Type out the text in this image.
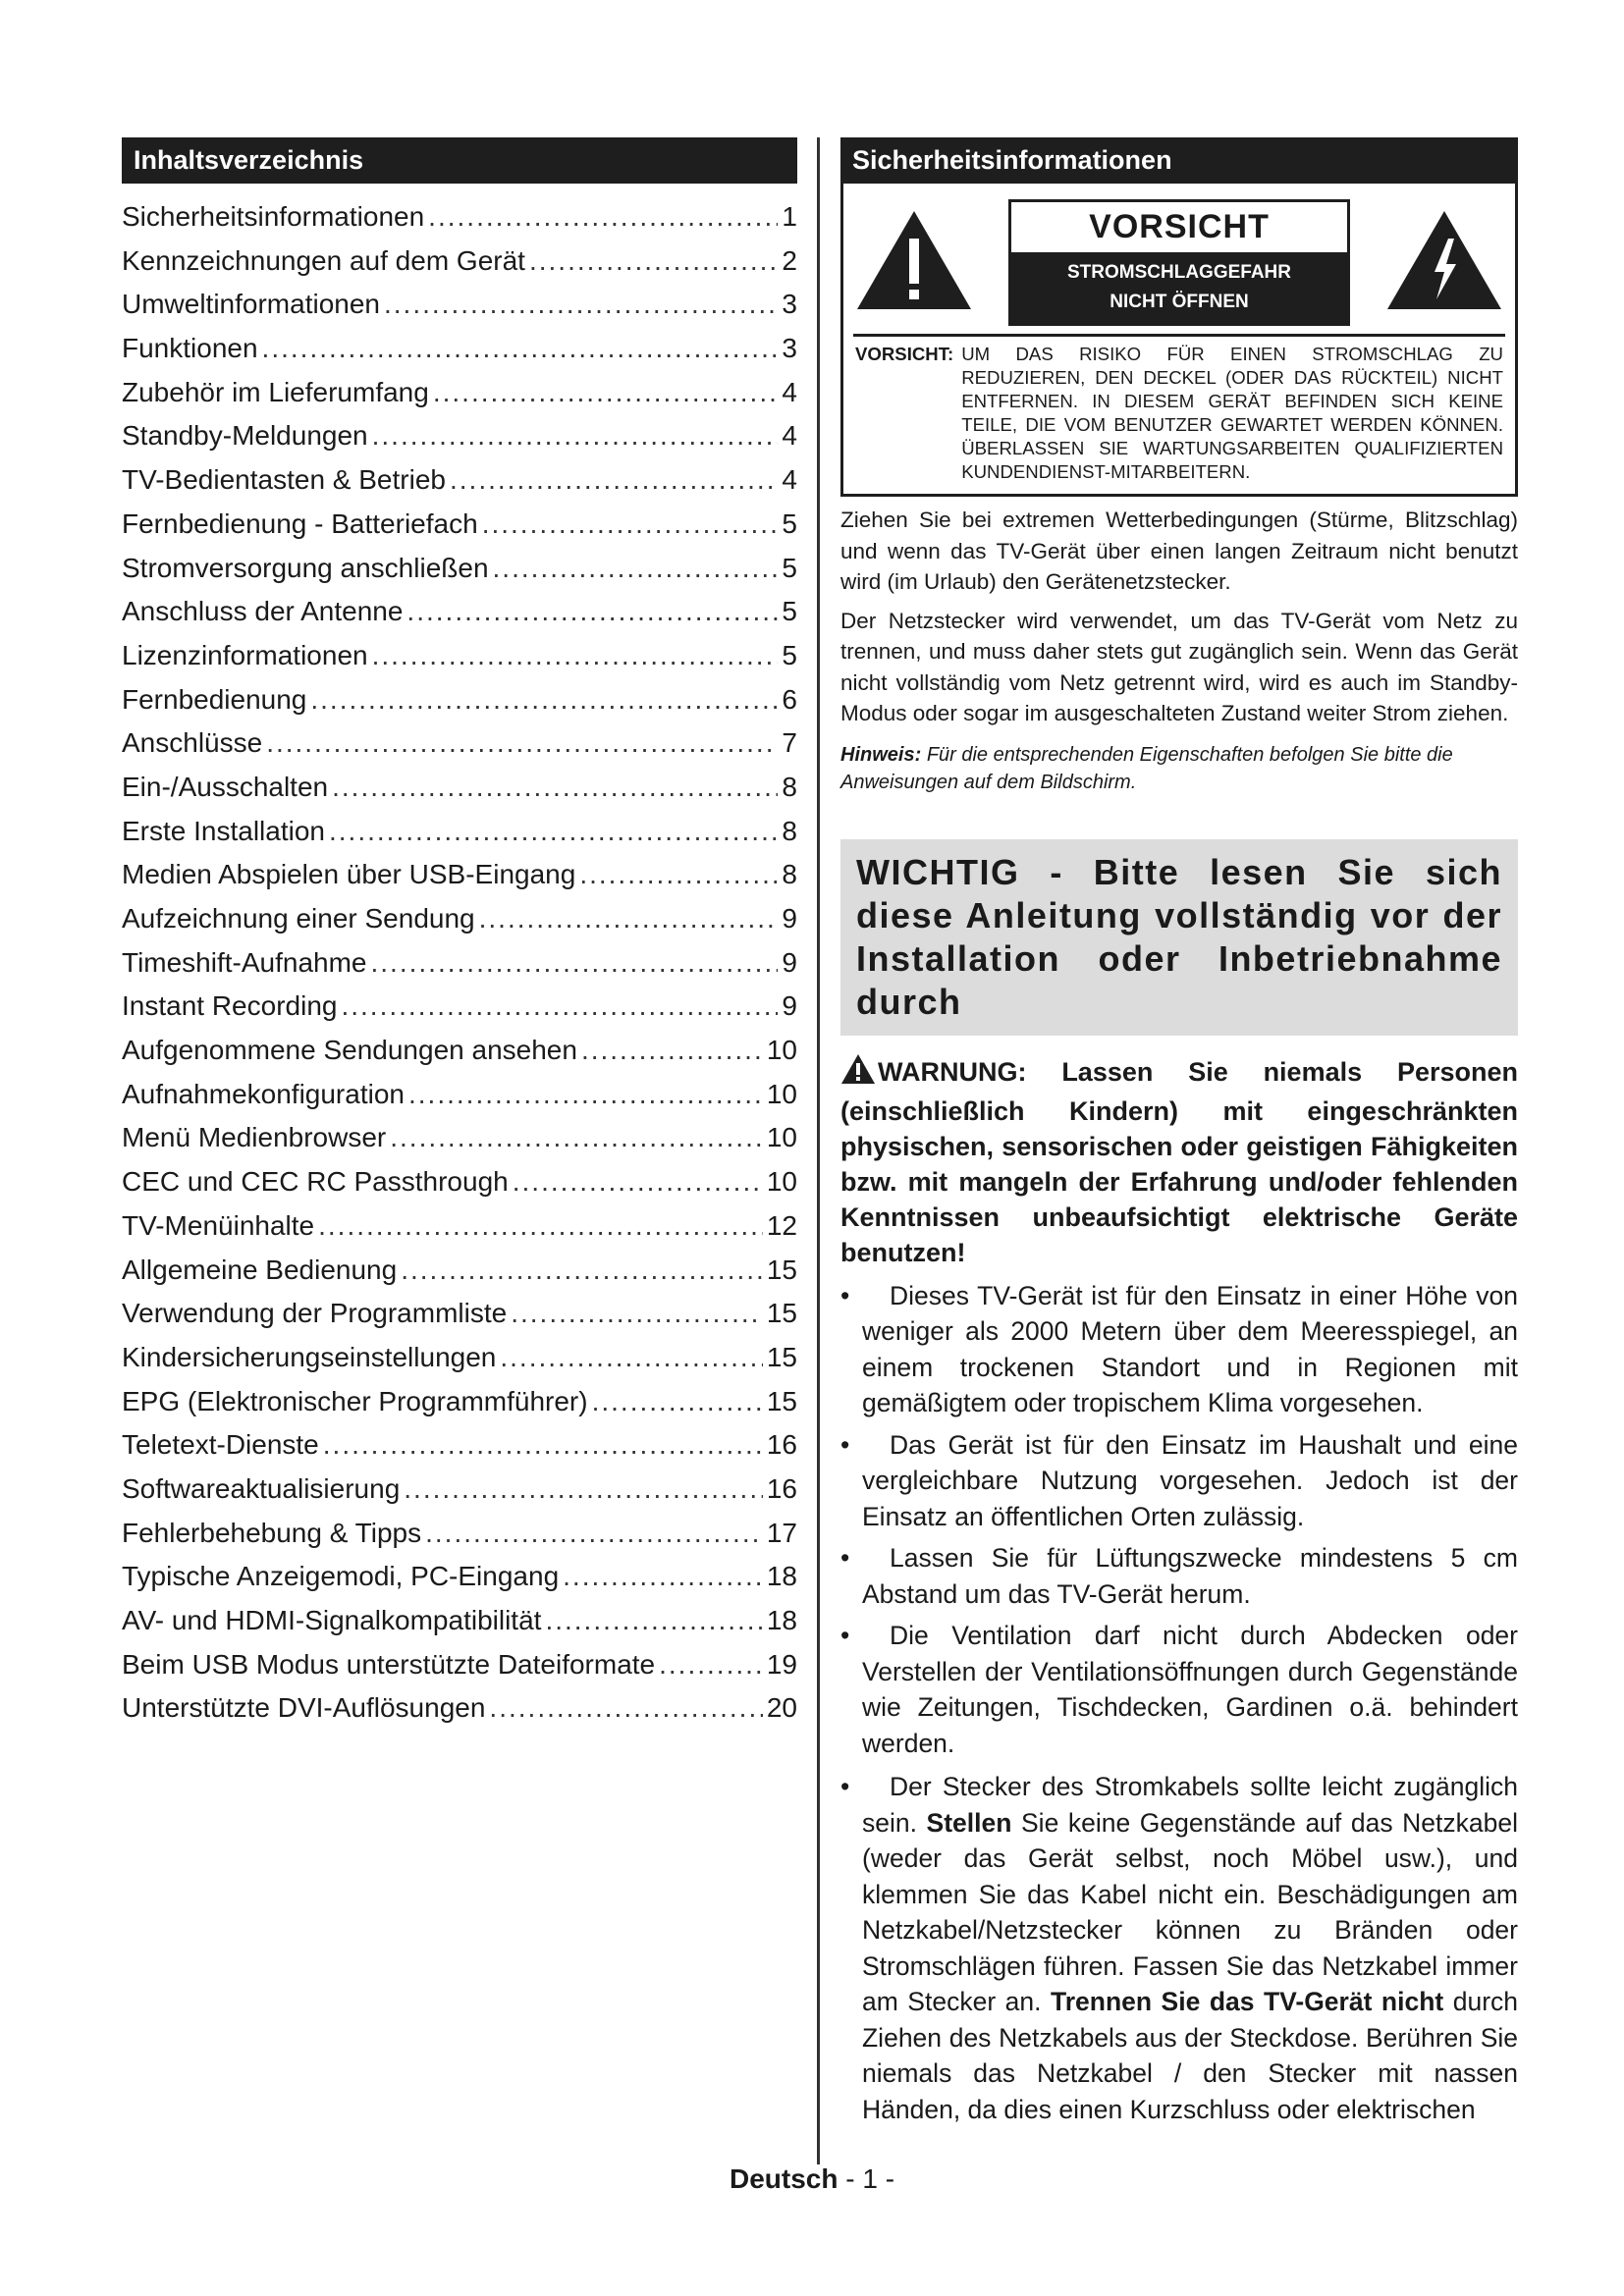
Inhaltsverzeichnis
Sicherheitsinformationen .....	1
Kennzeichnungen auf dem Gerät .....	2
Umweltinformationen .....	3
Funktionen .....	3
Zubehör im Lieferumfang .....	4
Standby-Meldungen .....	4
TV-Bedientasten & Betrieb .....	4
Fernbedienung - Batteriefach .....	5
Stromversorgung anschließen .....	5
Anschluss der Antenne .....	5
Lizenzinformationen .....	5
Fernbedienung .....	6
Anschlüsse .....	7
Ein-/Ausschalten .....	8
Erste Installation .....	8
Medien Abspielen über USB-Eingang .....	8
Aufzeichnung einer Sendung .....	9
Timeshift-Aufnahme .....	9
Instant Recording .....	9
Aufgenommene Sendungen ansehen .....	10
Aufnahmekonfiguration .....	10
Menü Medienbrowser .....	10
CEC und CEC RC Passthrough .....	10
TV-Menüinhalte .....	12
Allgemeine Bedienung .....	15
Verwendung der Programmliste .....	15
Kindersicherungseinstellungen .....	15
EPG (Elektronischer Programmführer) .....	15
Teletext-Dienste .....	16
Softwareaktualisierung .....	16
Fehlerbehebung & Tipps .....	17
Typische Anzeigemodi, PC-Eingang .....	18
AV- und HDMI-Signalkompatibilität .....	18
Beim USB Modus unterstützte Dateiformate .....	19
Unterstützte DVI-Auflösungen .....	20
Sicherheitsinformationen
VORSICHT
STROMSCHLAGGEFAHR
NICHT ÖFFNEN
VORSICHT: UM DAS RISIKO FÜR EINEN STROMSCHLAG ZU REDUZIEREN, DEN DECKEL (ODER DAS RÜCKTEIL) NICHT ENTFERNEN. IN DIESEM GERÄT BEFINDEN SICH KEINE TEILE, DIE VOM BENUTZER GEWARTET WERDEN KÖNNEN. ÜBERLASSEN SIE WARTUNGSARBEITEN QUALIFIZIERTEN KUNDENDIENST-MITARBEITERN.

Ziehen Sie bei extremen Wetterbedingungen (Stürme, Blitzschlag) und wenn das TV-Gerät über einen langen Zeitraum nicht benutzt wird (im Urlaub) den Gerätenetzstecker.

Der Netzstecker wird verwendet, um das TV-Gerät vom Netz zu trennen, und muss daher stets gut zugänglich sein. Wenn das Gerät nicht vollständig vom Netz getrennt wird, wird es auch im Standby-Modus oder sogar im ausgeschalteten Zustand weiter Strom ziehen.

Hinweis: Für die entsprechenden Eigenschaften befolgen Sie bitte die Anweisungen auf dem Bildschirm.
WICHTIG - Bitte lesen Sie sich diese Anleitung vollständig vor der Installation oder Inbetriebnahme durch
WARNUNG: Lassen Sie niemals Personen (einschließlich Kindern) mit eingeschränkten physischen, sensorischen oder geistigen Fähigkeiten bzw. mit mangeln der Erfahrung und/oder fehlenden Kenntnissen unbeaufsichtigt elektrische Geräte benutzen!
• Dieses TV-Gerät ist für den Einsatz in einer Höhe von weniger als 2000 Metern über dem Meeresspiegel, an einem trockenen Standort und in Regionen mit gemäßigtem oder tropischem Klima vorgesehen.
• Das Gerät ist für den Einsatz im Haushalt und eine vergleichbare Nutzung vorgesehen. Jedoch ist der Einsatz an öffentlichen Orten zulässig.
• Lassen Sie für Lüftungszwecke mindestens 5 cm Abstand um das TV-Gerät herum.
• Die Ventilation darf nicht durch Abdecken oder Verstellen der Ventilationsöffnungen durch Gegenstände wie Zeitungen, Tischdecken, Gardinen o.ä. behindert werden.
• Der Stecker des Stromkabels sollte leicht zugänglich sein. Stellen Sie keine Gegenstände auf das Netzkabel (weder das Gerät selbst, noch Möbel usw.), und klemmen Sie das Kabel nicht ein. Beschädigungen am Netzkabel/Netzstecker können zu Bränden oder Stromschlägen führen. Fassen Sie das Netzkabel immer am Stecker an. Trennen Sie das TV-Gerät nicht durch Ziehen des Netzkabels aus der Steckdose. Berühren Sie niemals das Netzkabel / den Stecker mit nassen Händen, da dies einen Kurzschluss oder elektrischen
Deutsch - 1 -
